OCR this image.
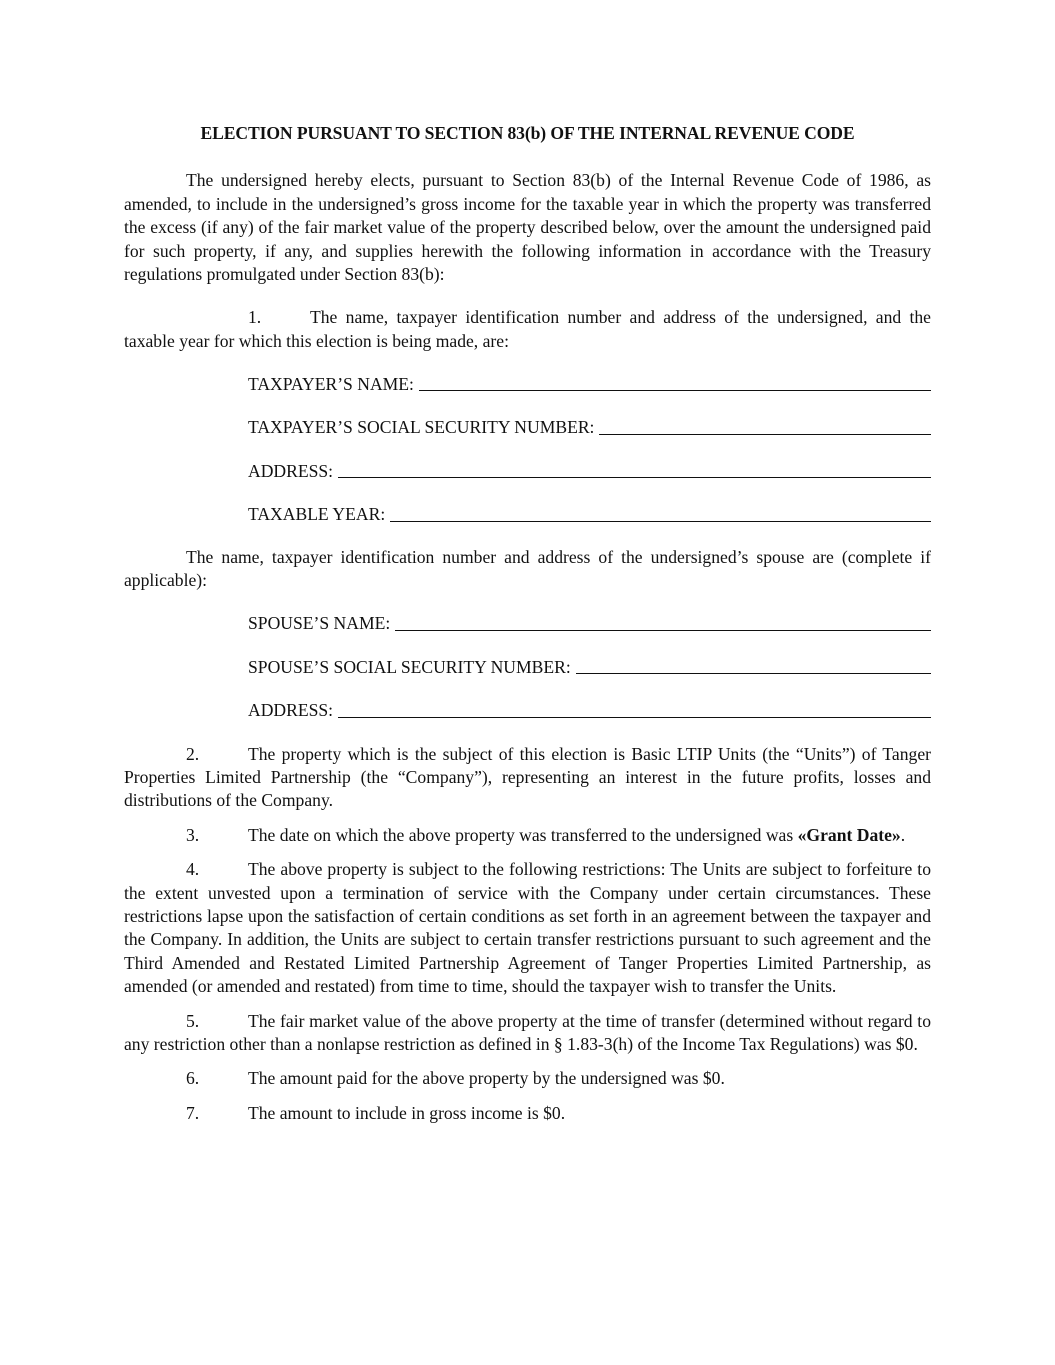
ELECTION PURSUANT TO SECTION 83(b) OF THE INTERNAL REVENUE CODE

The undersigned hereby elects, pursuant to Section 83(b) of the Internal Revenue Code of 1986, as amended, to include in the undersigned’s gross income for the taxable year in which the property was transferred the excess (if any) of the fair market value of the property described below, over the amount the undersigned paid for such property, if any, and supplies herewith the following information in accordance with the Treasury regulations promulgated under Section 83(b):

1.	The name, taxpayer identification number and address of the undersigned, and the taxable year for which this election is being made, are:

TAXPAYER’S NAME:
TAXPAYER’S SOCIAL SECURITY NUMBER:
ADDRESS:
TAXABLE YEAR:

The name, taxpayer identification number and address of the undersigned’s spouse are (complete if applicable):

SPOUSE’S NAME:
SPOUSE’S SOCIAL SECURITY NUMBER:
ADDRESS:

2.	The property which is the subject of this election is Basic LTIP Units (the “Units”) of Tanger Properties Limited Partnership (the “Company”), representing an interest in the future profits, losses and distributions of the Company.

3.	The date on which the above property was transferred to the undersigned was «Grant Date».

4.	The above property is subject to the following restrictions: The Units are subject to forfeiture to the extent unvested upon a termination of service with the Company under certain circumstances. These restrictions lapse upon the satisfaction of certain conditions as set forth in an agreement between the taxpayer and the Company. In addition, the Units are subject to certain transfer restrictions pursuant to such agreement and the Third Amended and Restated Limited Partnership Agreement of Tanger Properties Limited Partnership, as amended (or amended and restated) from time to time, should the taxpayer wish to transfer the Units.

5.	The fair market value of the above property at the time of transfer (determined without regard to any restriction other than a nonlapse restriction as defined in § 1.83-3(h) of the Income Tax Regulations) was $0.

6.	The amount paid for the above property by the undersigned was $0.

7.	The amount to include in gross income is $0.
